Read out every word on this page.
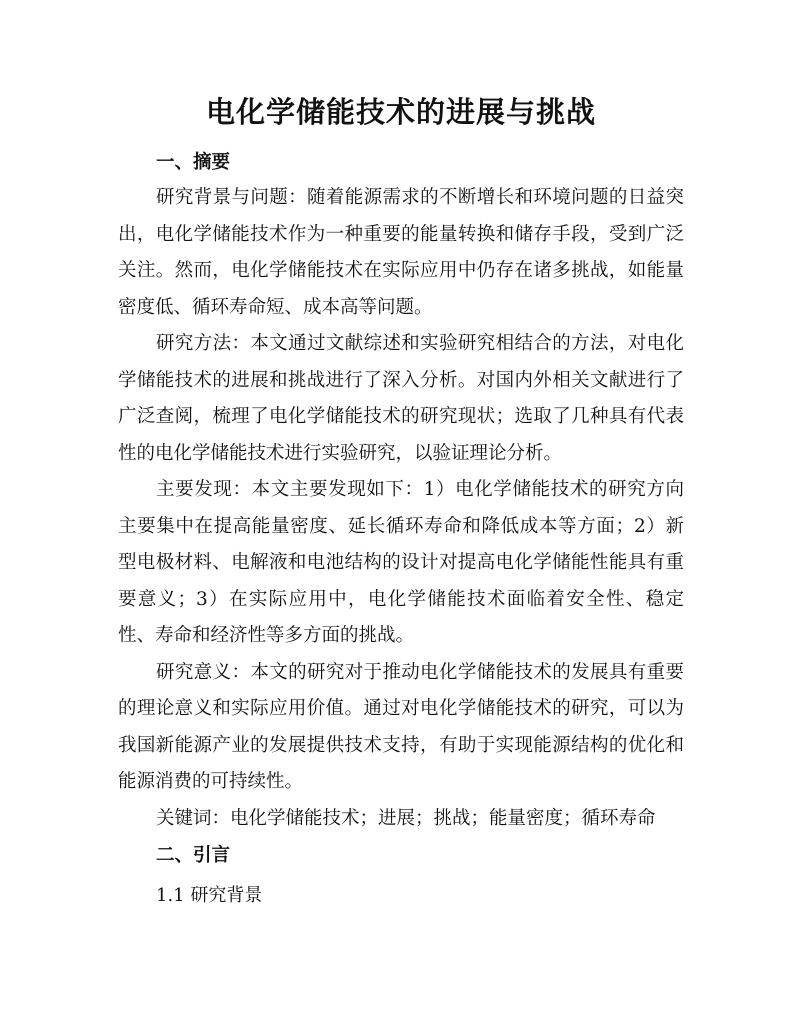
电化学储能技术的进展与挑战
一、摘要

研究背景与问题：随着能源需求的不断增长和环境问题的日益突出，电化学储能技术作为一种重要的能量转换和储存手段，受到广泛关注。然而，电化学储能技术在实际应用中仍存在诸多挑战，如能量密度低、循环寿命短、成本高等问题。

研究方法：本文通过文献综述和实验研究相结合的方法，对电化学储能技术的进展和挑战进行了深入分析。对国内外相关文献进行了广泛查阅，梳理了电化学储能技术的研究现状；选取了几种具有代表性的电化学储能技术进行实验研究，以验证理论分析。

主要发现：本文主要发现如下：1）电化学储能技术的研究方向主要集中在提高能量密度、延长循环寿命和降低成本等方面；2）新型电极材料、电解液和电池结构的设计对提高电化学储能性能具有重要意义；3）在实际应用中，电化学储能技术面临着安全性、稳定性、寿命和经济性等多方面的挑战。

研究意义：本文的研究对于推动电化学储能技术的发展具有重要的理论意义和实际应用价值。通过对电化学储能技术的研究，可以为我国新能源产业的发展提供技术支持，有助于实现能源结构的优化和能源消费的可持续性。

关键词：电化学储能技术；进展；挑战；能量密度；循环寿命

二、引言

1.1 研究背景
